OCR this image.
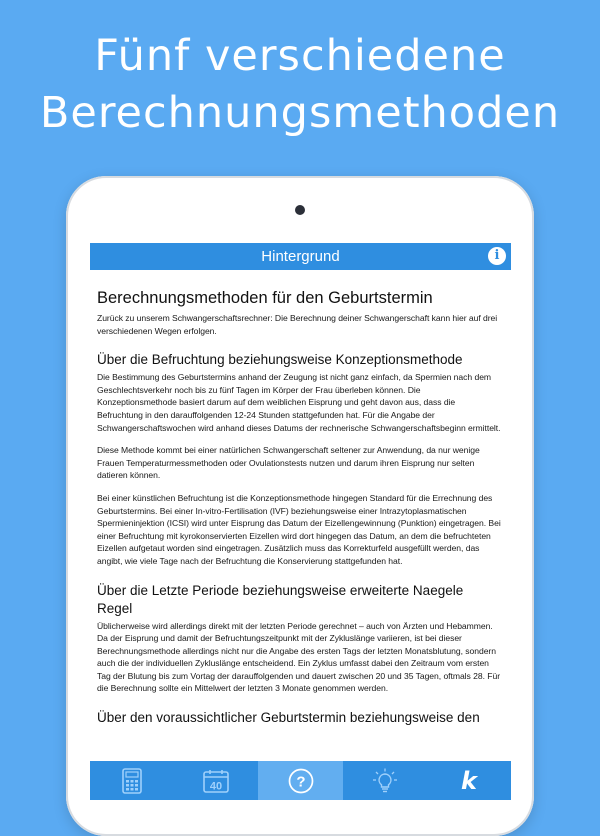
Fünf verschiedene
Berechnungsmethoden
Hintergrund	i
Berechnungsmethoden für den Geburtstermin

Zurück zu unserem Schwangerschaftsrechner: Die Berechnung deiner Schwangerschaft kann hier auf drei verschiedenen Wegen erfolgen.

Über die Befruchtung beziehungsweise Konzeptionsmethode

Die Bestimmung des Geburtstermins anhand der Zeugung ist nicht ganz einfach, da Spermien nach dem Geschlechtsverkehr noch bis zu fünf Tagen im Körper der Frau überleben können. Die Konzeptionsmethode basiert darum auf dem weiblichen Eisprung und geht davon aus, dass die Befruchtung in den darauffolgenden 12-24 Stunden stattgefunden hat. Für die Angabe der Schwangerschaftswochen wird anhand dieses Datums der rechnerische Schwangerschaftsbeginn ermittelt.

Diese Methode kommt bei einer natürlichen Schwangerschaft seltener zur Anwendung, da nur wenige Frauen Temperaturmessmethoden oder Ovulationstests nutzen und darum ihren Eisprung nur selten datieren können.

Bei einer künstlichen Befruchtung ist die Konzeptionsmethode hingegen Standard für die Errechnung des Geburtstermins. Bei einer In-vitro-Fertilisation (IVF) beziehungsweise einer Intrazytoplasmatischen Spermieninjektion (ICSI) wird unter Eisprung das Datum der Eizellengewinnung (Punktion) eingetragen. Bei einer Befruchtung mit kyrokonservierten Eizellen wird dort hingegen das Datum, an dem die befruchteten Eizellen aufgetaut worden sind eingetragen. Zusätzlich muss das Korrekturfeld ausgefüllt werden, das angibt, wie viele Tage nach der Befruchtung die Konservierung stattgefunden hat.

Über die Letzte Periode beziehungsweise erweiterte Naegele Regel

Üblicherweise wird allerdings direkt mit der letzten Periode gerechnet – auch von Ärzten und Hebammen. Da der Eisprung und damit der Befruchtungszeitpunkt mit der Zykluslänge variieren, ist bei dieser Berechnungsmethode allerdings nicht nur die Angabe des ersten Tags der letzten Monatsblutung, sondern auch die der individuellen Zykluslänge entscheidend. Ein Zyklus umfasst dabei den Zeitraum vom ersten Tag der Blutung bis zum Vortag der darauffolgenden und dauert zwischen 20 und 35 Tagen, oftmals 28. Für die Berechnung sollte ein Mittelwert der letzten 3 Monate genommen werden.

Über den voraussichtlicher Geburtstermin beziehungsweise den
40	?	k
